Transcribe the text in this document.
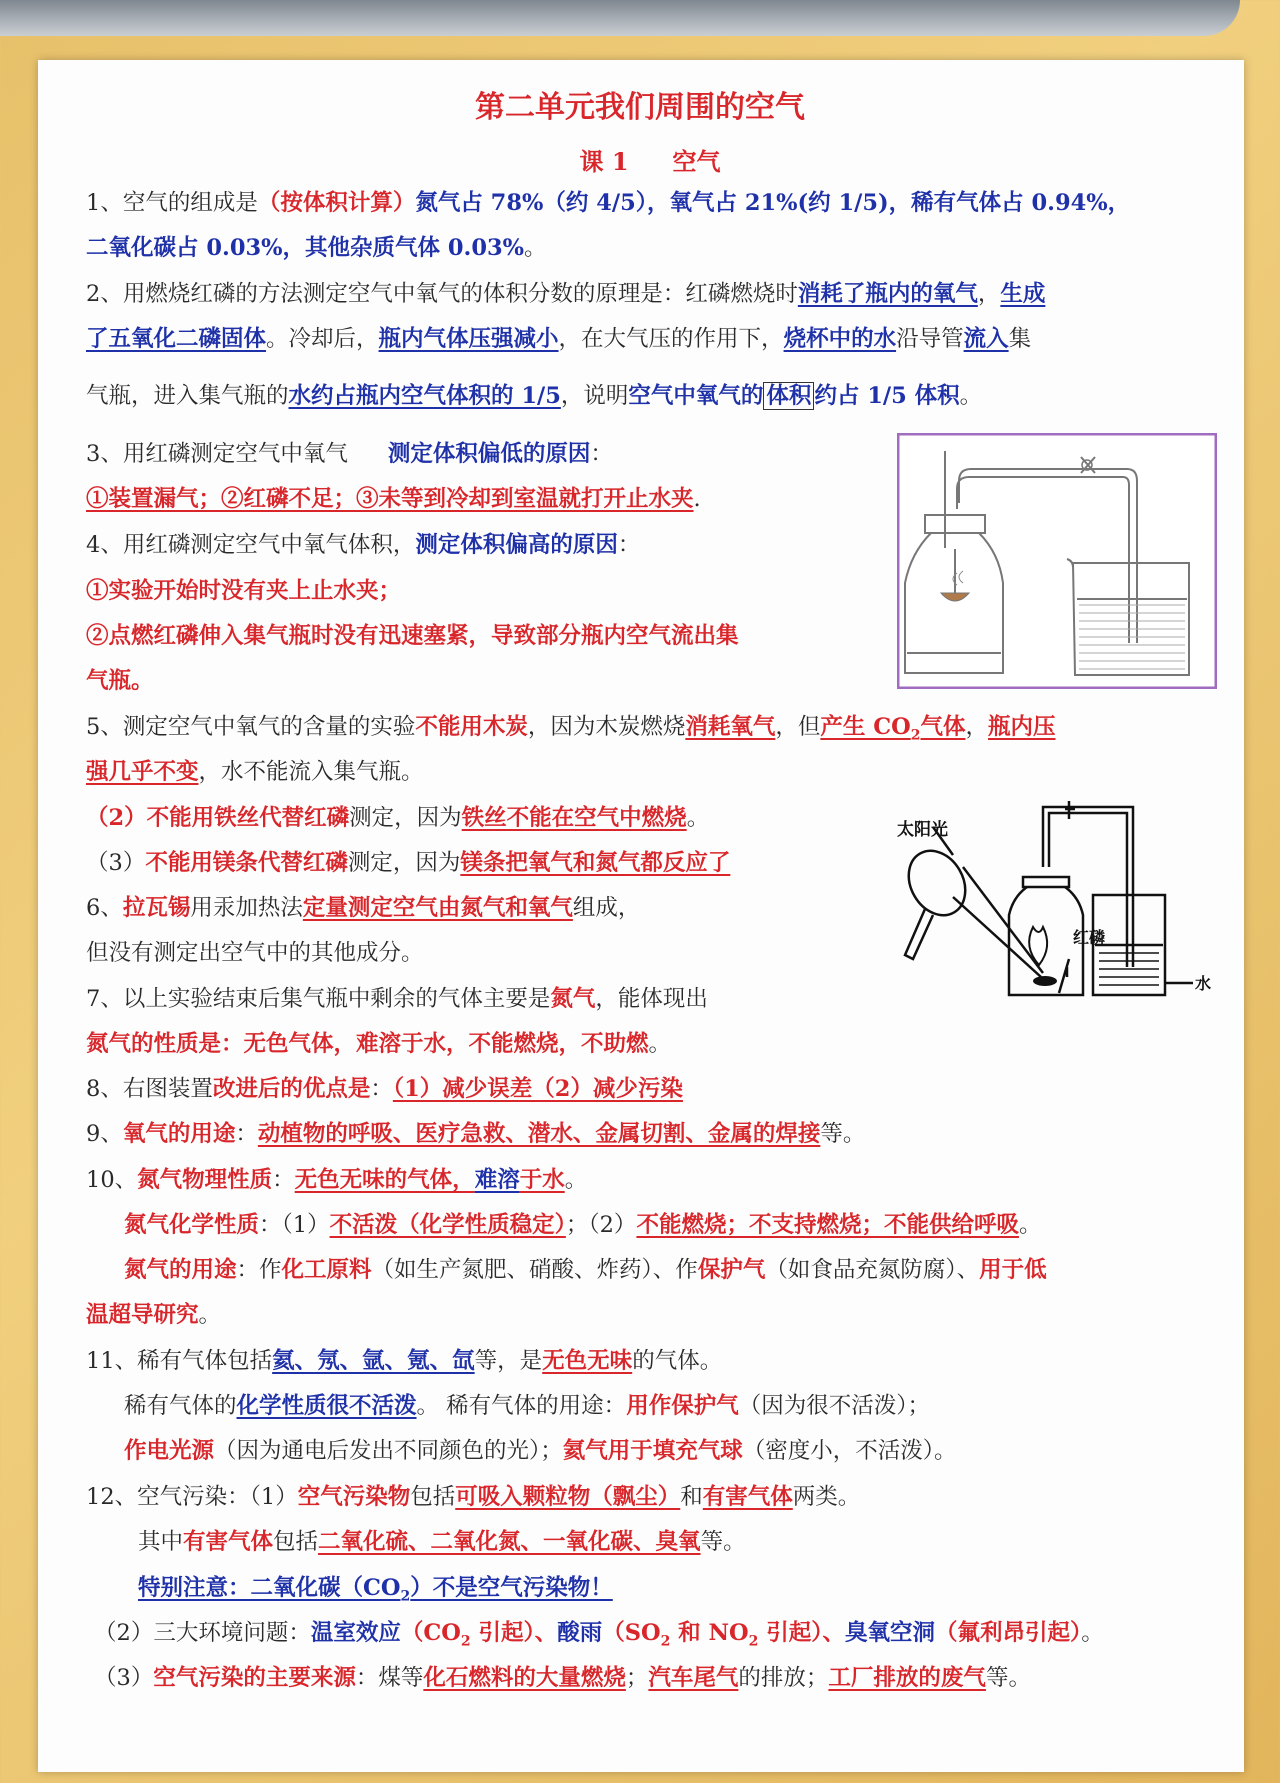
第二单元我们周围的空气
课 1 空气
1、空气的组成是（按体积计算）氮气占 78%（约 4/5），氧气占 21%(约 1/5)，稀有气体占 0.94%，
二氧化碳占 0.03%，其他杂质气体 0.03%。
2、用燃烧红磷的方法测定空气中氧气的体积分数的原理是：红磷燃烧时消耗了瓶内的氧气，生成
了五氧化二磷固体。冷却后，瓶内气体压强减小，在大气压的作用下，烧杯中的水沿导管流入集
气瓶，进入集气瓶的水约占瓶内空气体积的 1/5，说明空气中氧气的 体积 约占 1/5 体积。
3、用红磷测定空气中氧气 测定体积偏低的原因：
①装置漏气；②红磷不足；③未等到冷却到室温就打开止水夹.
4、用红磷测定空气中氧气体积，测定体积偏高的原因：
①实验开始时没有夹上止水夹；
②点燃红磷伸入集气瓶时没有迅速塞紧，导致部分瓶内空气流出集
气瓶。
5、测定空气中氧气的含量的实验不能用木炭，因为木炭燃烧消耗氧气，但产生 $CO_2$气体，瓶内压
强几乎不变，水不能流入集气瓶。
（2）不能用铁丝代替红磷测定，因为铁丝不能在空气中燃烧。
（3）不能用镁条代替红磷测定，因为镁条把氧气和氮气都反应了
太阳光
红磷
水
6、拉瓦锡用汞加热法定量测定空气由氮气和氧气组成，
但没有测定出空气中的其他成分。
7、以上实验结束后集气瓶中剩余的气体主要是氮气，能体现出
氮气的性质是：无色气体，难溶于水，不能燃烧，不助燃。
8、右图装置改进后的优点是：（1）减少误差（2）减少污染
9、氧气的用途：动植物的呼吸、医疗急救、潜水、金属切割、金属的焊接等。
10、氮气物理性质：无色无味的气体，难溶于水。
氮气化学性质：（1）不活泼（化学性质稳定）；（2）不能燃烧；不支持燃烧；不能供给呼吸。
氮气的用途：作化工原料（如生产氮肥、硝酸、炸药）、作保护气（如食品充氮防腐）、用于低
温超导研究。
11、稀有气体包括氦、氖、氩、氪、氙等，是无色无味的气体。
稀有气体的化学性质很不活泼。 稀有气体的用途：用作保护气（因为很不活泼）；
作电光源（因为通电后发出不同颜色的光）；氦气用于填充气球（密度小，不活泼）。
12、空气污染：（1）空气污染物包括可吸入颗粒物（飘尘）和有害气体两类。
其中有害气体包括二氧化硫、二氧化氮、一氧化碳、臭氧等。
特别注意：二氧化碳$(CO_2)$不是空气污染物！
（2）三大环境问题：温室效应（$CO_2$ 引起）、酸雨（$SO_2$ 和 $NO_2$ 引起）、臭氧空洞（氟利昂引起）。
（3）空气污染的主要来源：煤等化石燃料的大量燃烧；汽车尾气的排放；工厂排放的废气等。
